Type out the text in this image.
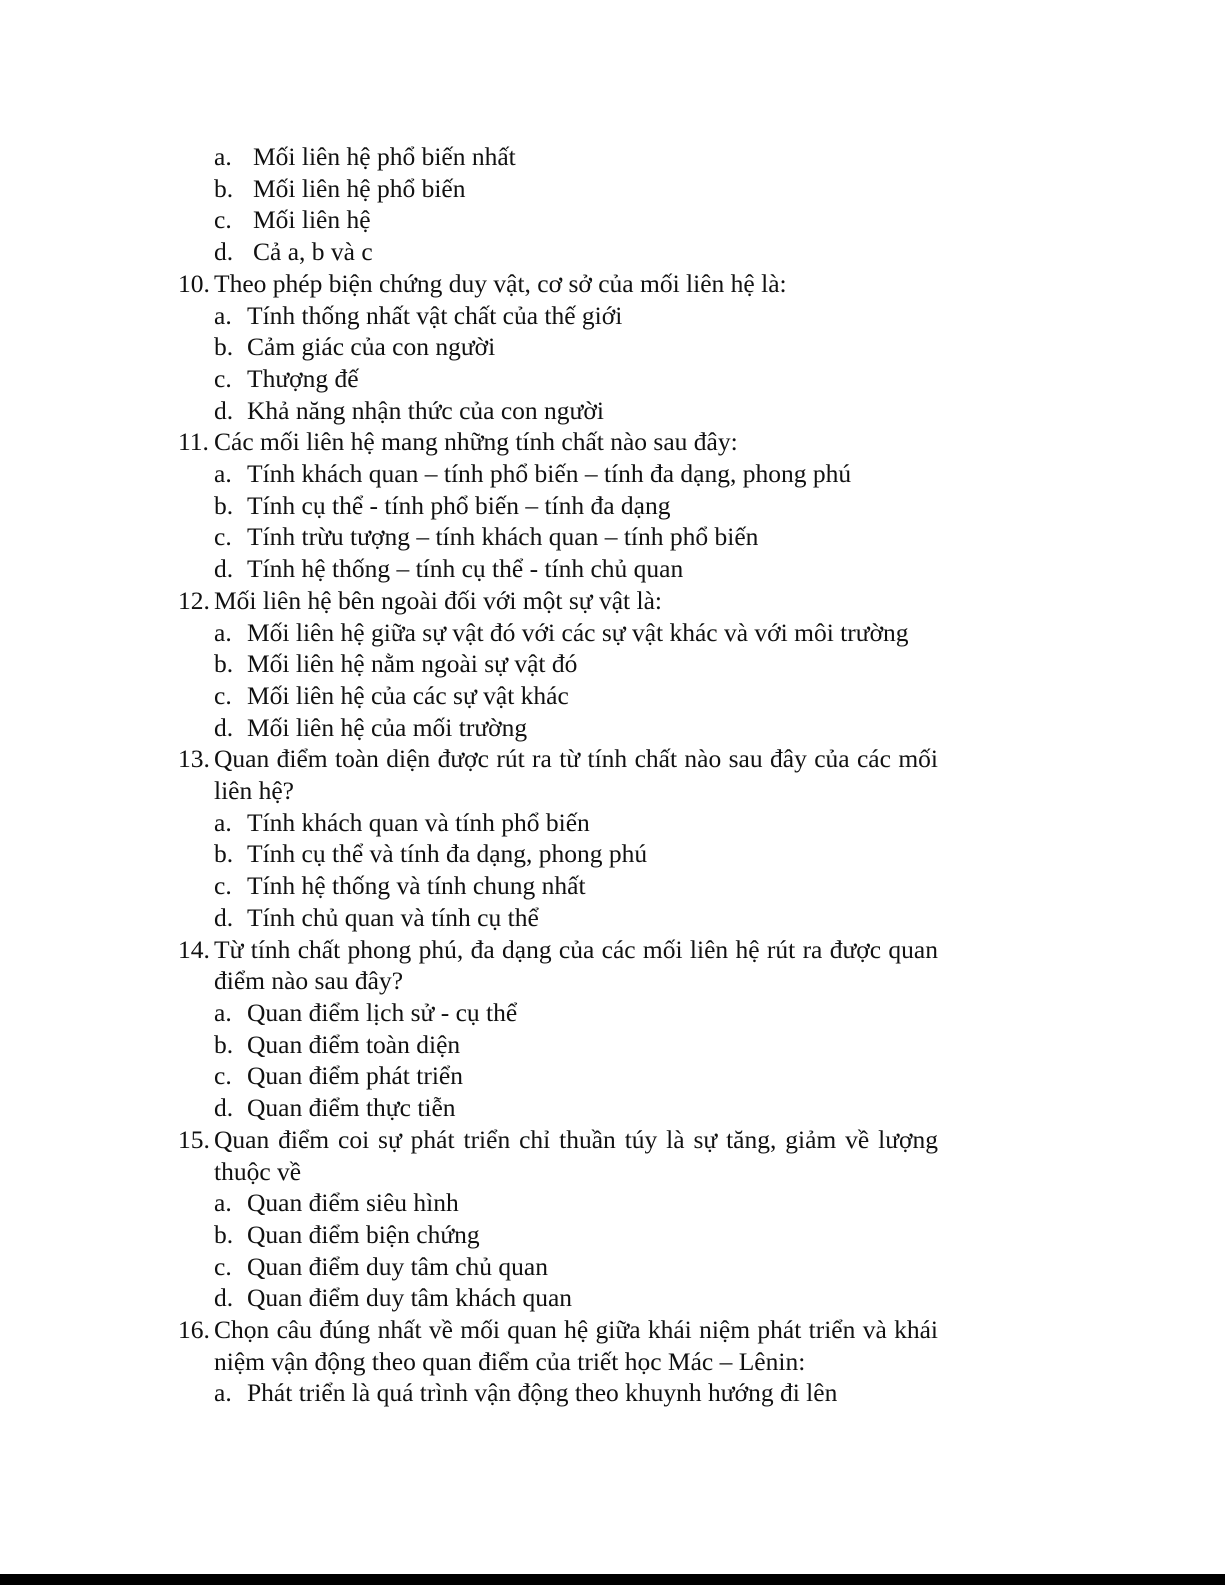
a. Mối liên hệ phổ biến nhất
b. Mối liên hệ phổ biến
c. Mối liên hệ
d. Cả a, b và c
10. Theo phép biện chứng duy vật, cơ sở của mối liên hệ là:
a. Tính thống nhất vật chất của thế giới
b. Cảm giác của con người
c. Thượng đế
d. Khả năng nhận thức của con người
11. Các mối liên hệ mang những tính chất nào sau đây:
a. Tính khách quan – tính phổ biến – tính đa dạng, phong phú
b. Tính cụ thể - tính phổ biến – tính đa dạng
c. Tính trừu tượng – tính khách quan – tính phổ biến
d. Tính hệ thống – tính cụ thể - tính chủ quan
12. Mối liên hệ bên ngoài đối với một sự vật là:
a. Mối liên hệ giữa sự vật đó với các sự vật khác và với môi trường
b. Mối liên hệ nằm ngoài sự vật đó
c. Mối liên hệ của các sự vật khác
d. Mối liên hệ của mối trường
13. Quan điểm toàn diện được rút ra từ tính chất nào sau đây của các mối liên hệ?
a. Tính khách quan và tính phổ biến
b. Tính cụ thể và tính đa dạng, phong phú
c. Tính hệ thống và tính chung nhất
d. Tính chủ quan và tính cụ thể
14. Từ tính chất phong phú, đa dạng của các mối liên hệ rút ra được quan điểm nào sau đây?
a. Quan điểm lịch sử - cụ thể
b. Quan điểm toàn diện
c. Quan điểm phát triển
d. Quan điểm thực tiễn
15. Quan điểm coi sự phát triển chỉ thuần túy là sự tăng, giảm về lượng thuộc về
a. Quan điểm siêu hình
b. Quan điểm biện chứng
c. Quan điểm duy tâm chủ quan
d. Quan điểm duy tâm khách quan
16. Chọn câu đúng nhất về mối quan hệ giữa khái niệm phát triển và khái niệm vận động theo quan điểm của triết học Mác – Lênin:
a. Phát triển là quá trình vận động theo khuynh hướng đi lên
